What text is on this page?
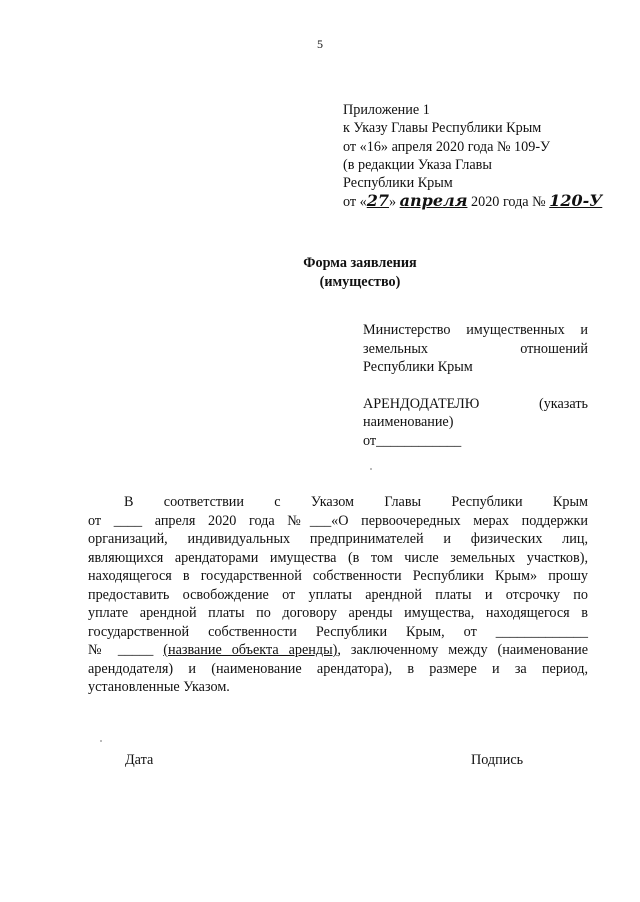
5
Приложение 1
к Указу Главы Республики Крым
от «16» апреля 2020 года № 109-У
(в редакции Указа Главы
Республики Крым
от «27» апреля 2020 года № 120-У
Форма заявления
(имущество)
Министерство имущественных и
земельных отношений
Республики Крым
АРЕНДОДАТЕЛЮ (указать
наименование)
от____________
В соответствии с Указом Главы Республики Крым
от ____ апреля 2020 года №___«О первоочередных мерах поддержки
организаций, индивидуальных предпринимателей и физических лиц,
являющихся арендаторами имущества (в том числе земельных участков),
находящегося в государственной собственности Республики Крым» прошу
предоставить освобождение от уплаты арендной платы и отсрочку по
уплате арендной платы по договору аренды имущества, находящегося в
государственной собственности Республики Крым, от _____________
№ _____ (название объекта аренды), заключенному между (наименование
арендодателя) и (наименование арендатора), в размере и за период,
установленные Указом.
Дата	Подпись
